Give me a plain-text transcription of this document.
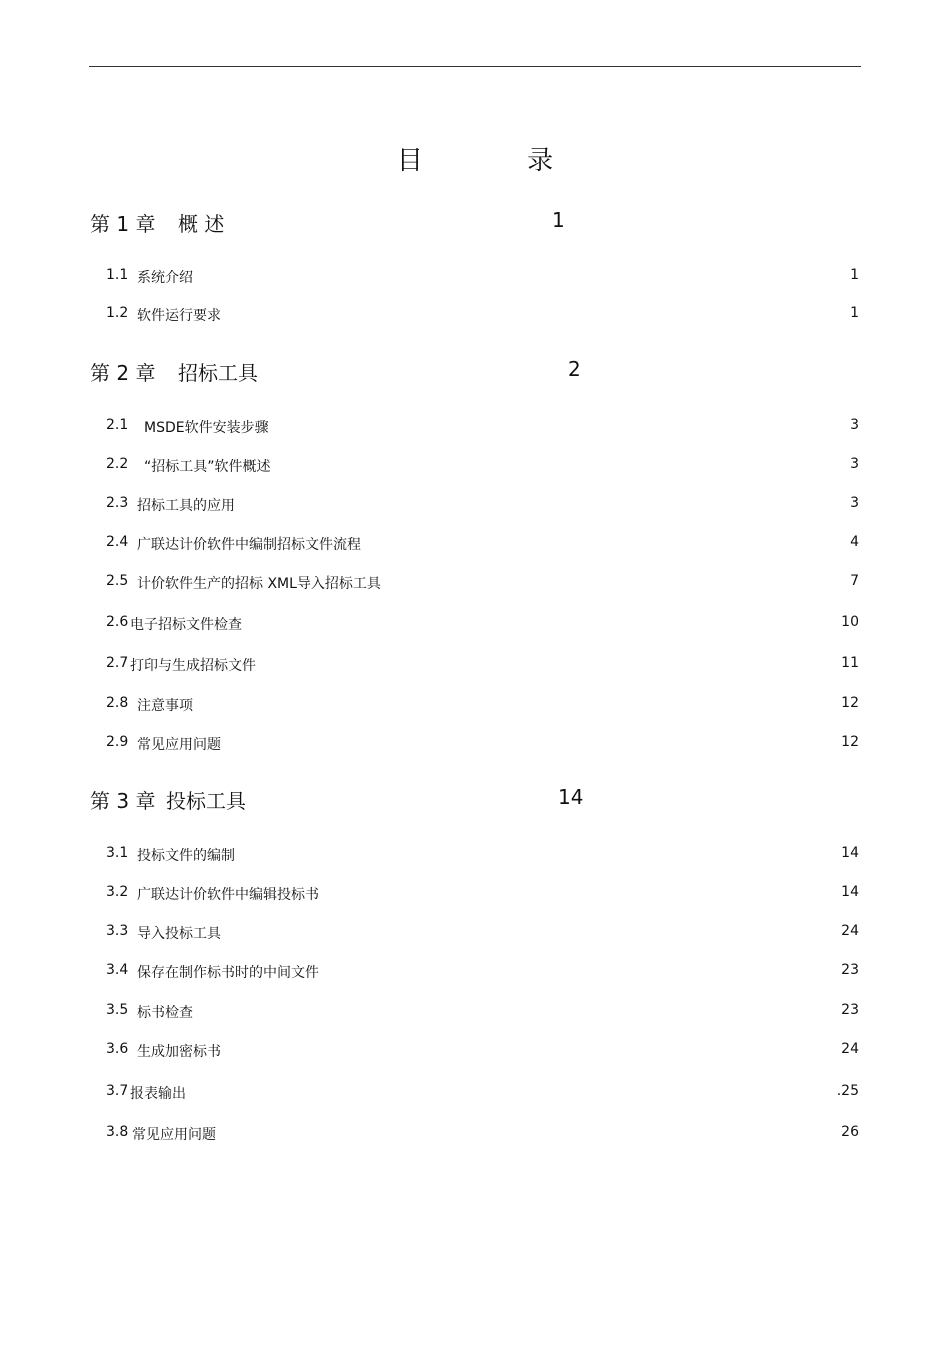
目 录
第 1 章 概 述	1
1.1 系统介绍	1
1.2 软件运行要求	1
第 2 章 招标工具	2
2.1 MSDE软件安装步骤	3
2.2 “招标工具”软件概述	3
2.3 招标工具的应用	3
2.4 广联达计价软件中编制招标文件流程	4
2.5 计价软件生产的招标 XML导入招标工具	7
2.6 电子招标文件检查	10
2.7 打印与生成招标文件	11
2.8 注意事项	12
2.9 常见应用问题	12
第 3 章 投标工具	14
3.1 投标文件的编制	14
3.2 广联达计价软件中编辑投标书	14
3.3 导入投标工具	24
3.4 保存在制作标书时的中间文件	23
3.5 标书检查	23
3.6 生成加密标书	24
3.7 报表输出	.25
3.8 常见应用问题	26
